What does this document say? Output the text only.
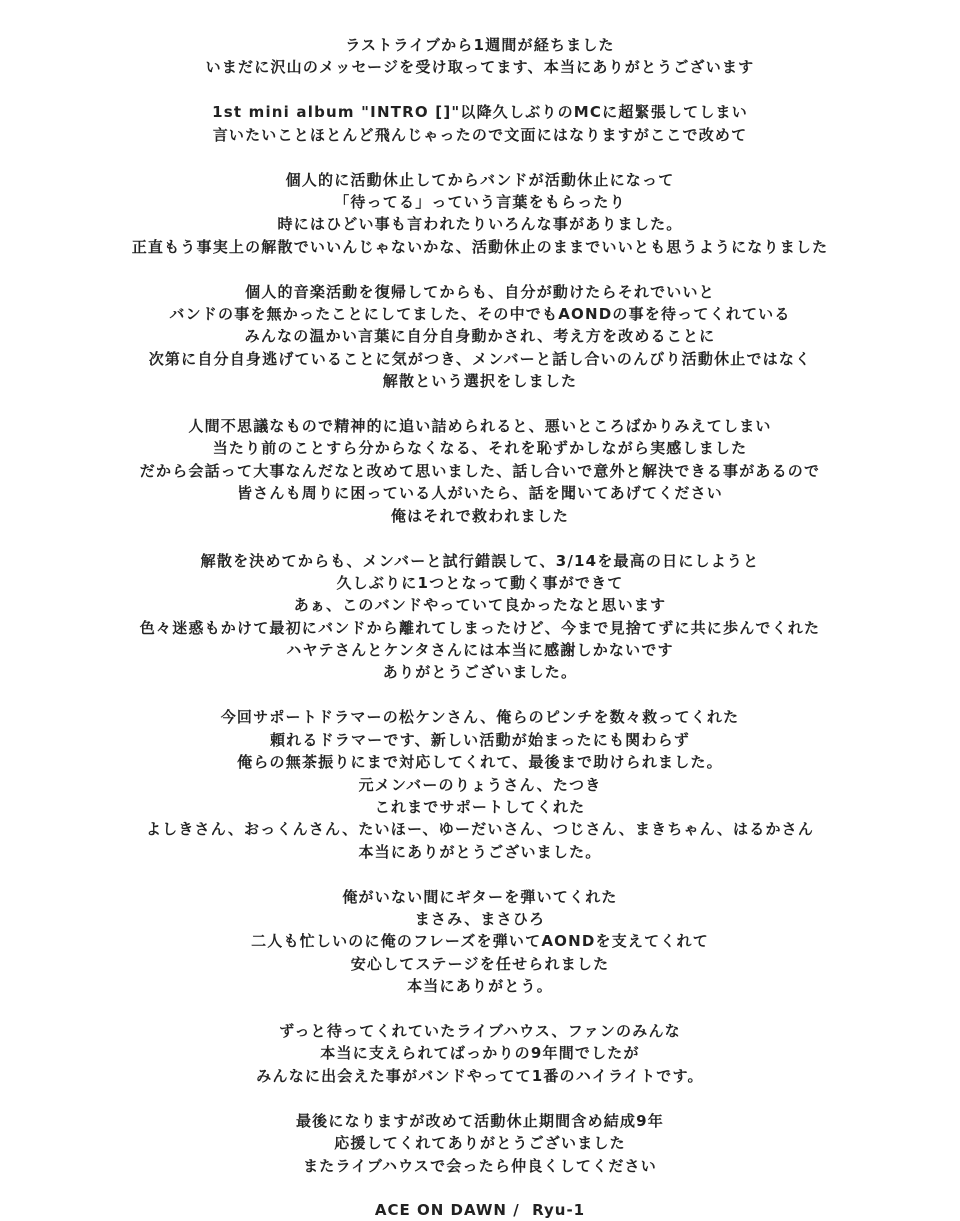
ラストライブから1週間が経ちました
いまだに沢山のメッセージを受け取ってます、本当にありがとうございます
1st mini album "INTRO []"以降久しぶりのMCに超緊張してしまい
言いたいことほとんど飛んじゃったので文面にはなりますがここで改めて
個人的に活動休止してからバンドが活動休止になって
「待ってる」っていう言葉をもらったり
時にはひどい事も言われたりいろんな事がありました。
正直もう事実上の解散でいいんじゃないかな、活動休止のままでいいとも思うようになりました
個人的音楽活動を復帰してからも、自分が動けたらそれでいいと
バンドの事を無かったことにしてました、その中でもAONDの事を待ってくれている
みんなの温かい言葉に自分自身動かされ、考え方を改めることに
次第に自分自身逃げていることに気がつき、メンバーと話し合いのんびり活動休止ではなく
解散という選択をしました
人間不思議なもので精神的に追い詰められると、悪いところばかりみえてしまい
当たり前のことすら分からなくなる、それを恥ずかしながら実感しました
だから会話って大事なんだなと改めて思いました、話し合いで意外と解決できる事があるので
皆さんも周りに困っている人がいたら、話を聞いてあげてください
俺はそれで救われました
解散を決めてからも、メンバーと試行錯誤して、3/14を最高の日にしようと
久しぶりに1つとなって動く事ができて
あぁ、このバンドやっていて良かったなと思います
色々迷惑もかけて最初にバンドから離れてしまったけど、今まで見捨てずに共に歩んでくれた
ハヤテさんとケンタさんには本当に感謝しかないです
ありがとうございました。
今回サポートドラマーの松ケンさん、俺らのピンチを数々救ってくれた
頼れるドラマーです、新しい活動が始まったにも関わらず
俺らの無茶振りにまで対応してくれて、最後まで助けられました。
元メンバーのりょうさん、たつき
これまでサポートしてくれた
よしきさん、おっくんさん、たいほー、ゆーだいさん、つじさん、まきちゃん、はるかさん
本当にありがとうございました。
俺がいない間にギターを弾いてくれた
まさみ、まさひろ
二人も忙しいのに俺のフレーズを弾いてAONDを支えてくれて
安心してステージを任せられました
本当にありがとう。
ずっと待ってくれていたライブハウス、ファンのみんな
本当に支えられてばっかりの9年間でしたが
みんなに出会えた事がバンドやってて1番のハイライトです。
最後になりますが改めて活動休止期間含め結成9年
応援してくれてありがとうございました
またライブハウスで会ったら仲良くしてください
ACE ON DAWN /  Ryu-1
